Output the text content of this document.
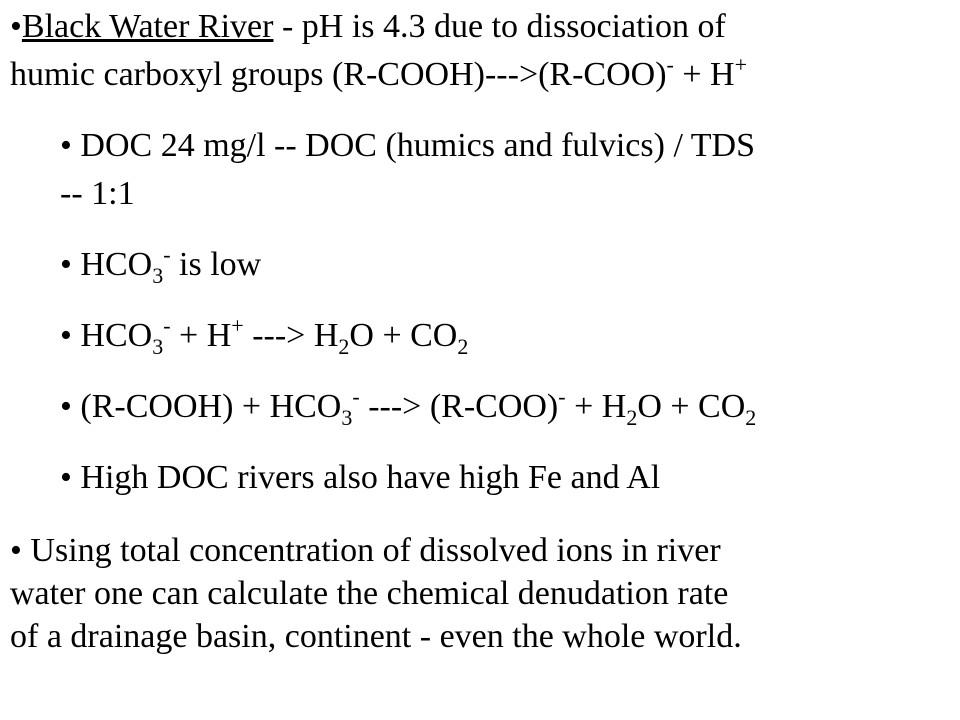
•Black Water River - pH is 4.3 due to dissociation of
humic carboxyl groups (R-COOH)--->(R-COO)- + H+
• DOC 24 mg/l -- DOC (humics and fulvics) / TDS
-- 1:1
• $HCO_3^-$ is low
• $HCO_3^- + H^+$ ---> $H_2O + CO_2$
• (R-COOH) + $HCO_3^-$ ---> $(R-COO)^- + H_2O + CO_2$
• High DOC rivers also have high Fe and Al
• Using total concentration of dissolved ions in river
water one can calculate the chemical denudation rate
of a drainage basin, continent - even the whole world.
